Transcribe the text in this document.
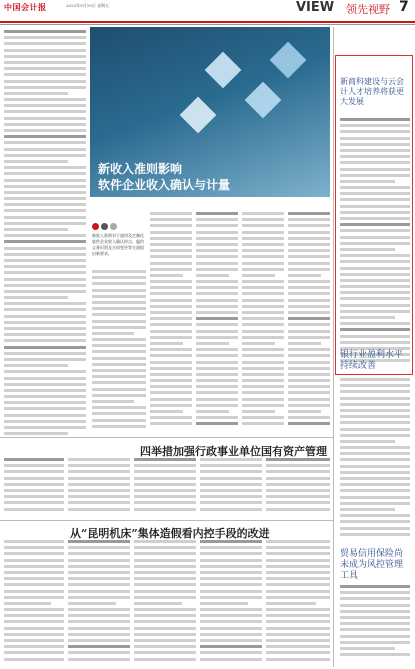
中国会计报	2023年5月19日 星期五	VIEW 领先视野 7
新收入准则影响
软件企业收入确认与计量
新收入准则对于通用及定制化软件企业收入确认时点、履约义务识别及合同变更等方面提出新要求。
四举措加强行政事业单位国有资产管理
从“昆明机床”集体造假看内控手段的改进
新商科建设与云会计人才培养将获更大发展
银行业盈利水平持续改善
贸易信用保险尚未成为风控管理工具
